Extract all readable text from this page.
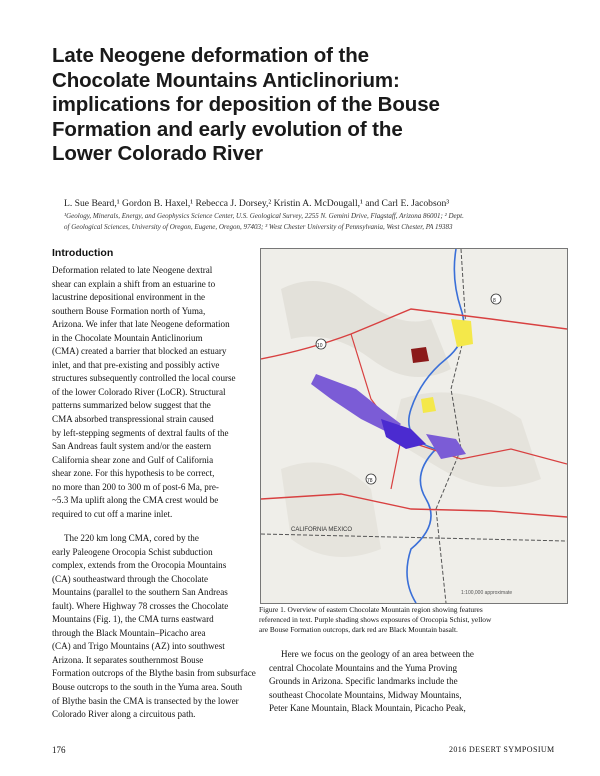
Late Neogene deformation of the
Chocolate Mountains Anticlinorium:
implications for deposition of the Bouse
Formation and early evolution of the
Lower Colorado River
L. Sue Beard,¹ Gordon B. Haxel,¹ Rebecca J. Dorsey,² Kristin A. McDougall,¹ and Carl E. Jacobson³
¹Geology, Minerals, Energy, and Geophysics Science Center, U.S. Geological Survey, 2255 N. Gemini Drive, Flagstaff, Arizona 86001; ² Dept.
of Geological Sciences, University of Oregon, Eugene, Oregon, 97403; ³ West Chester University of Pennsylvania, West Chester, PA 19383
Introduction
Deformation related to late Neogene dextral
shear can explain a shift from an estuarine to
lacustrine depositional environment in the
southern Bouse Formation north of Yuma,
Arizona. We infer that late Neogene deformation
in the Chocolate Mountain Anticlinorium
(CMA) created a barrier that blocked an estuary
inlet, and that pre-existing and possibly active
structures subsequently controlled the local course
of the lower Colorado River (LoCR). Structural
patterns summarized below suggest that the
CMA absorbed transpressional strain caused
by left-stepping segments of dextral faults of the
San Andreas fault system and/or the eastern
California shear zone and Gulf of California
shear zone. For this hypothesis to be correct,
no more than 200 to 300 m of post-6 Ma, pre-
~5.3 Ma uplift along the CMA crest would be
required to cut off a marine inlet.
The 220 km long CMA, cored by the
early Paleogene Orocopia Schist subduction
complex, extends from the Orocopia Mountains
(CA) southeastward through the Chocolate
Mountains (parallel to the southern San Andreas
fault). Where Highway 78 crosses the Chocolate
Mountains (Fig. 1), the CMA turns eastward
through the Black Mountain–Picacho area
(CA) and Trigo Mountains (AZ) into southwest
Arizona. It separates southernmost Bouse
Formation outcrops of the Blythe basin from subsurface
Bouse outcrops to the south in the Yuma area. South
of Blythe basin the CMA is transected by the lower
Colorado River along a circuitous path.
CALIFORNIA MEXICO
1:100,000 approximate
8
10
78
Figure 1. Overview of eastern Chocolate Mountain region showing features
referenced in text. Purple shading shows exposures of Orocopia Schist, yellow
are Bouse Formation outcrops, dark red are Black Mountain basalt.
Here we focus on the geology of an area between the
central Chocolate Mountains and the Yuma Proving
Grounds in Arizona. Specific landmarks include the
southeast Chocolate Mountains, Midway Mountains,
Peter Kane Mountain, Black Mountain, Picacho Peak,
176	2016 DESERT SYMPOSIUM
